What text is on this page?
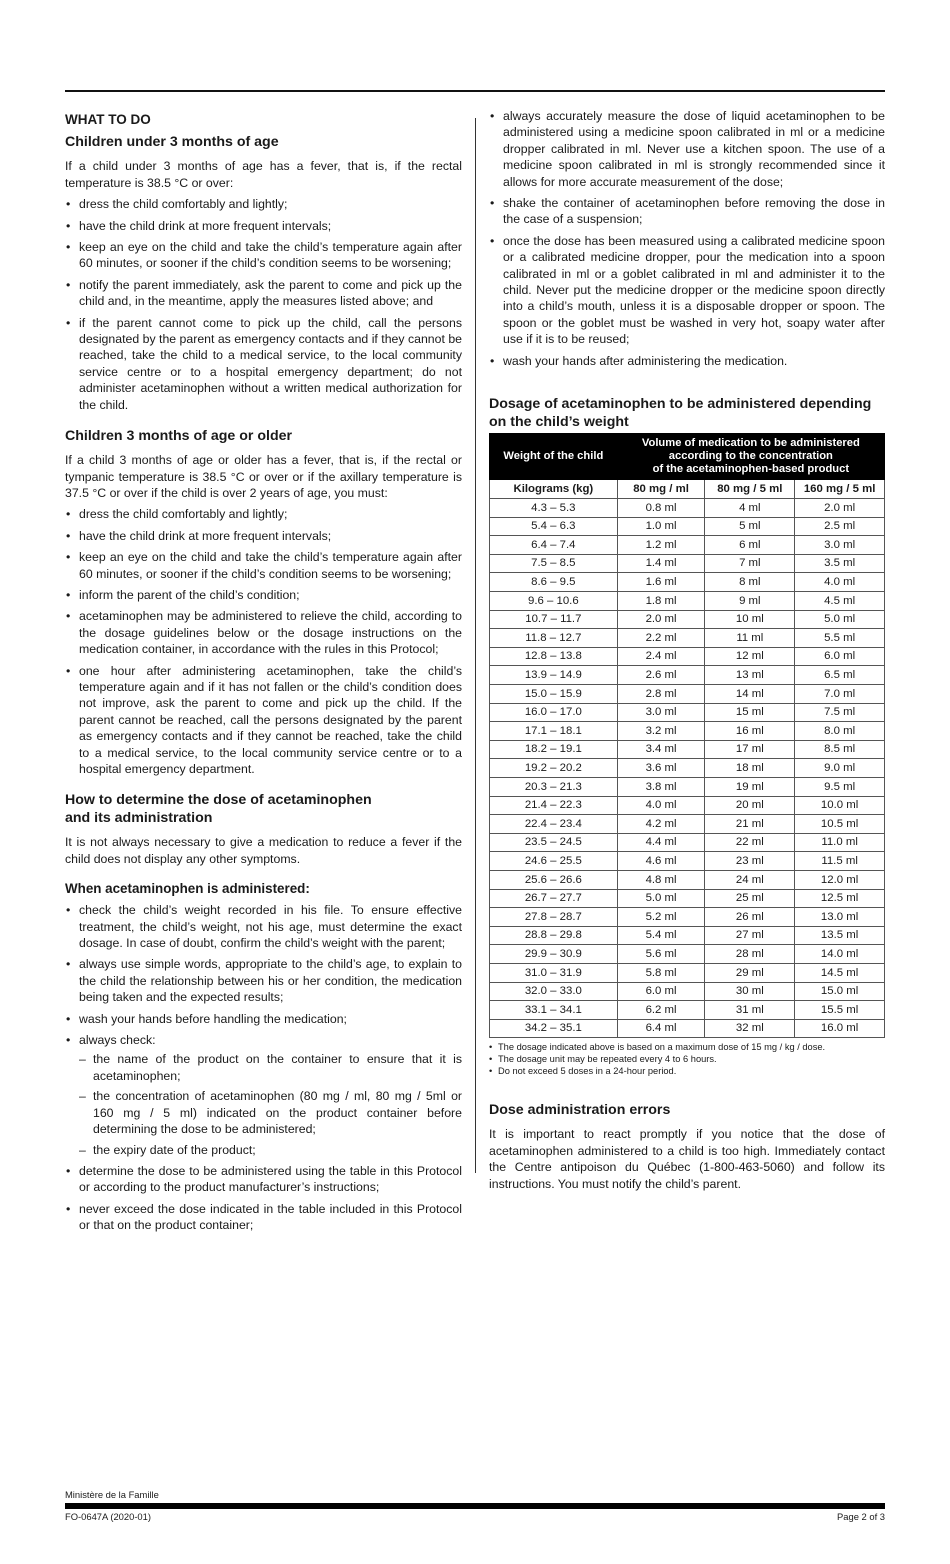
WHAT TO DO
Children under 3 months of age

If a child under 3 months of age has a fever, that is, if the rectal temperature is 38.5 °C or over:

• dress the child comfortably and lightly;
• have the child drink at more frequent intervals;
• keep an eye on the child and take the child’s temperature again after 60 minutes, or sooner if the child’s condition seems to be worsening;
• notify the parent immediately, ask the parent to come and pick up the child and, in the meantime, apply the measures listed above; and
• if the parent cannot come to pick up the child, call the persons designated by the parent as emergency contacts and if they cannot be reached, take the child to a medical service, to the local community service centre or to a hospital emergency department; do not administer acetaminophen without a written medical authorization for the child.
Children 3 months of age or older

If a child 3 months of age or older has a fever, that is, if the rectal or tympanic temperature is 38.5 °C or over or if the axillary temperature is 37.5 °C or over if the child is over 2 years of age, you must:

• dress the child comfortably and lightly;
• have the child drink at more frequent intervals;
• keep an eye on the child and take the child’s temperature again after 60 minutes, or sooner if the child’s condition seems to be worsening;
• inform the parent of the child’s condition;
• acetaminophen may be administered to relieve the child, according to the dosage guidelines below or the dosage instructions on the medication container, in accordance with the rules in this Protocol;
• one hour after administering acetaminophen, take the child’s temperature again and if it has not fallen or the child’s condition does not improve, ask the parent to come and pick up the child. If the parent cannot be reached, call the persons designated by the parent as emergency contacts and if they cannot be reached, take the child to a medical service, to the local community service centre or to a hospital emergency department.
How to determine the dose of acetaminophen
and its administration

It is not always necessary to give a medication to reduce a fever if the child does not display any other symptoms.

When acetaminophen is administered:
• check the child’s weight recorded in his file. To ensure effective treatment, the child’s weight, not his age, must determine the exact dosage. In case of doubt, confirm the child’s weight with the parent;
• always use simple words, appropriate to the child’s age, to explain to the child the relationship between his or her condition, the medication being taken and the expected results;
• wash your hands before handling the medication;
• always check:
– the name of the product on the container to ensure that it is acetaminophen;
– the concentration of acetaminophen (80 mg / ml, 80 mg / 5ml or 160 mg / 5 ml) indicated on the product container before determining the dose to be administered;
– the expiry date of the product;
• determine the dose to be administered using the table in this Protocol or according to the product manufacturer’s instructions;
• never exceed the dose indicated in the table included in this Protocol or that on the product container;
• always accurately measure the dose of liquid acetaminophen to be administered using a medicine spoon calibrated in ml or a medicine dropper calibrated in ml. Never use a kitchen spoon. The use of a medicine spoon calibrated in ml is strongly recommended since it allows for more accurate measurement of the dose;
• shake the container of acetaminophen before removing the dose in the case of a suspension;
• once the dose has been measured using a calibrated medicine spoon or a calibrated medicine dropper, pour the medication into a spoon calibrated in ml or a goblet calibrated in ml and administer it to the child. Never put the medicine dropper or the medicine spoon directly into a child’s mouth, unless it is a disposable dropper or spoon. The spoon or the goblet must be washed in very hot, soapy water after use if it is to be reused;
• wash your hands after administering the medication.
Dosage of acetaminophen to be administered depending
on the child’s weight
Weight of the child	Volume of medication to be administered
according to the concentration
of the acetaminophen-based product		
Kilograms (kg)	80 mg / ml	80 mg / 5 ml	160 mg / 5 ml
4.3 – 5.3	0.8 ml	4 ml	2.0 ml
5.4 – 6.3	1.0 ml	5 ml	2.5 ml
6.4 – 7.4	1.2 ml	6 ml	3.0 ml
7.5 – 8.5	1.4 ml	7 ml	3.5 ml
8.6 – 9.5	1.6 ml	8 ml	4.0 ml
9.6 – 10.6	1.8 ml	9 ml	4.5 ml
10.7 – 11.7	2.0 ml	10 ml	5.0 ml
11.8 – 12.7	2.2 ml	11 ml	5.5 ml
12.8 – 13.8	2.4 ml	12 ml	6.0 ml
13.9 – 14.9	2.6 ml	13 ml	6.5 ml
15.0 – 15.9	2.8 ml	14 ml	7.0 ml
16.0 – 17.0	3.0 ml	15 ml	7.5 ml
17.1 – 18.1	3.2 ml	16 ml	8.0 ml
18.2 – 19.1	3.4 ml	17 ml	8.5 ml
19.2 – 20.2	3.6 ml	18 ml	9.0 ml
20.3 – 21.3	3.8 ml	19 ml	9.5 ml
21.4 – 22.3	4.0 ml	20 ml	10.0 ml
22.4 – 23.4	4.2 ml	21 ml	10.5 ml
23.5 – 24.5	4.4 ml	22 ml	11.0 ml
24.6 – 25.5	4.6 ml	23 ml	11.5 ml
25.6 – 26.6	4.8 ml	24 ml	12.0 ml
26.7 – 27.7	5.0 ml	25 ml	12.5 ml
27.8 – 28.7	5.2 ml	26 ml	13.0 ml
28.8 – 29.8	5.4 ml	27 ml	13.5 ml
29.9 – 30.9	5.6 ml	28 ml	14.0 ml
31.0 – 31.9	5.8 ml	29 ml	14.5 ml
32.0 – 33.0	6.0 ml	30 ml	15.0 ml
33.1 – 34.1	6.2 ml	31 ml	15.5 ml
34.2 – 35.1	6.4 ml	32 ml	16.0 ml
• The dosage indicated above is based on a maximum dose of 15 mg / kg / dose.
• The dosage unit may be repeated every 4 to 6 hours.
• Do not exceed 5 doses in a 24-hour period.
Dose administration errors

It is important to react promptly if you notice that the dose of acetaminophen administered to a child is too high. Immediately contact the Centre antipoison du Québec (1-800-463-5060) and follow its instructions. You must notify the child’s parent.

Ministère de la Famille
FO-0647A (2020-01)	Page 2 of 3
